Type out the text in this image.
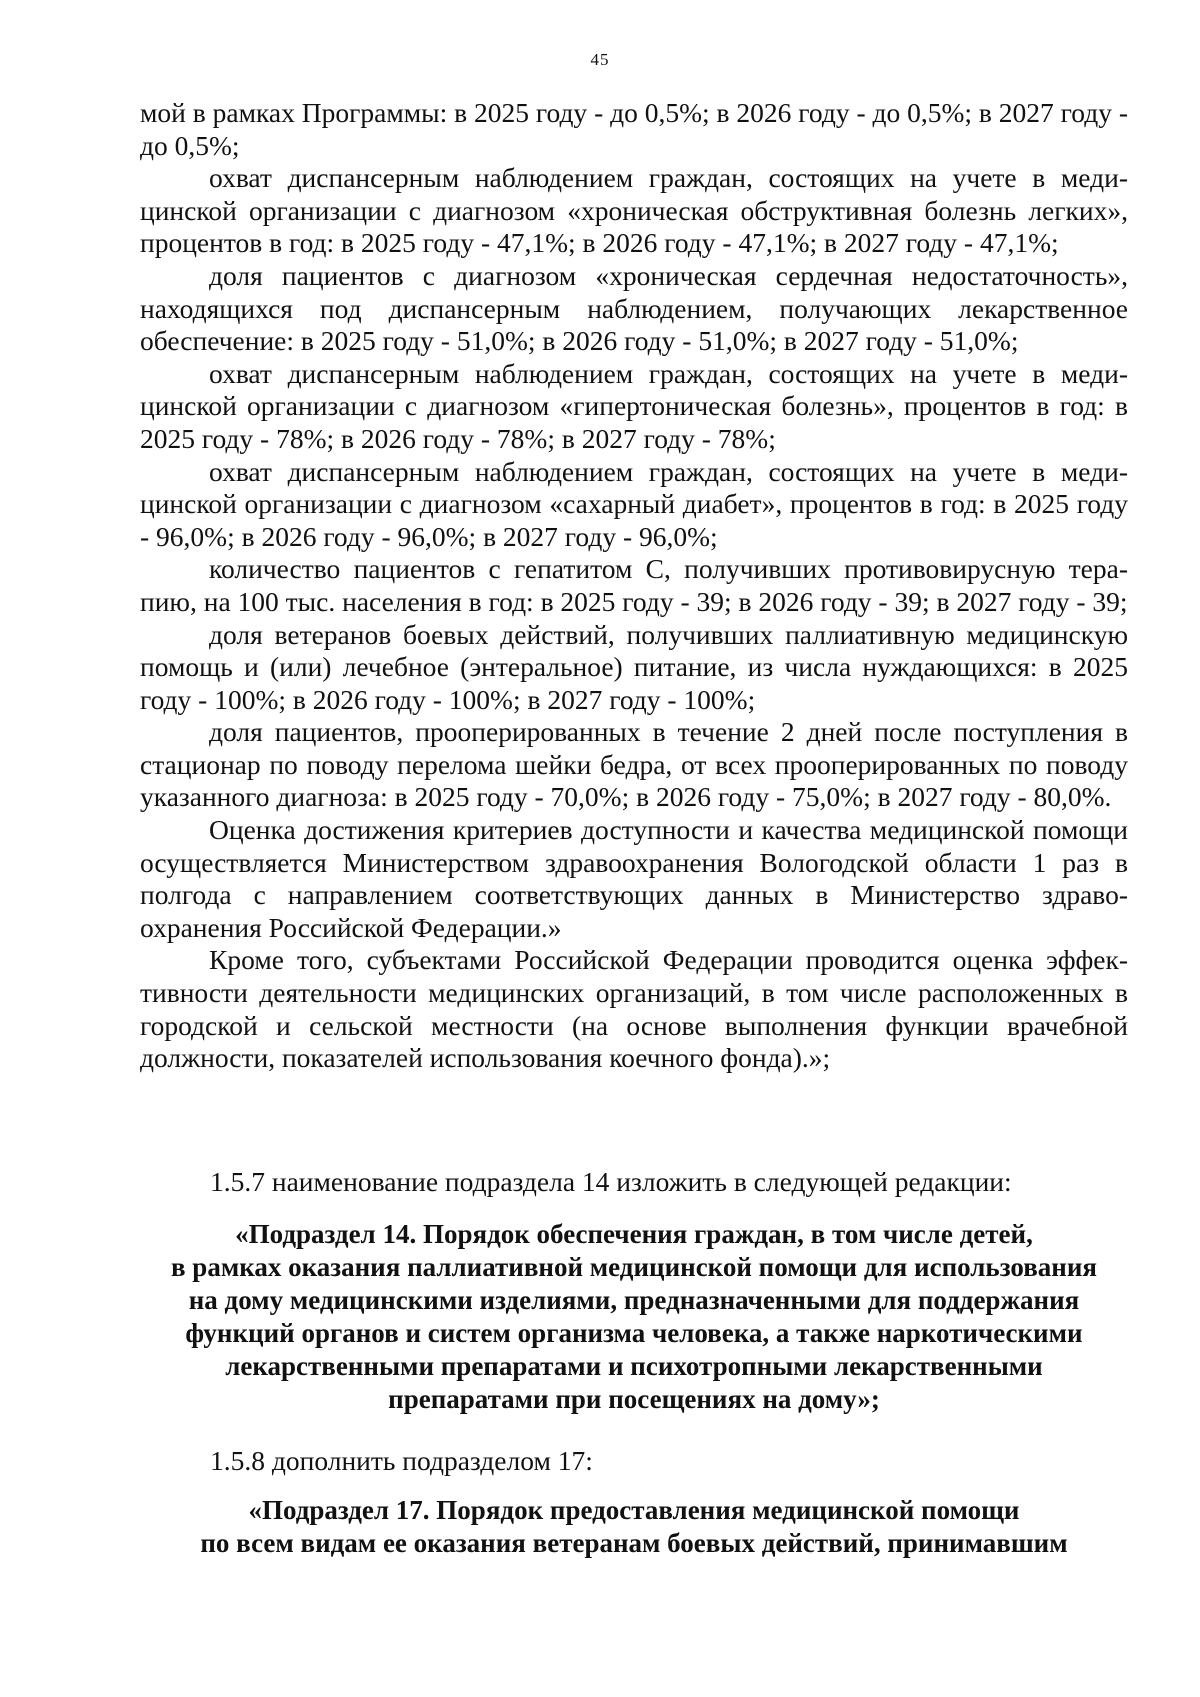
45

мой в рамках Программы: в 2025 году - до 0,5%; в 2026 году - до 0,5%; в 2027 году - до 0,5%;

охват диспансерным наблюдением граждан, состоящих на учете в медицинской организации с диагнозом «хроническая обструктивная болезнь легких», процентов в год: в 2025 году - 47,1%; в 2026 году - 47,1%; в 2027 году - 47,1%;

доля пациентов с диагнозом «хроническая сердечная недостаточность», находящихся под диспансерным наблюдением, получающих лекарственное обеспечение: в 2025 году - 51,0%; в 2026 году - 51,0%; в 2027 году - 51,0%;

охват диспансерным наблюдением граждан, состоящих на учете в медицинской организации с диагнозом «гипертоническая болезнь», процентов в год: в 2025 году - 78%; в 2026 году - 78%; в 2027 году - 78%;

охват диспансерным наблюдением граждан, состоящих на учете в медицинской организации с диагнозом «сахарный диабет», процентов в год: в 2025 году - 96,0%; в 2026 году - 96,0%; в 2027 году - 96,0%;

количество пациентов с гепатитом С, получивших противовирусную терапию, на 100 тыс. населения в год: в 2025 году - 39; в 2026 году - 39; в 2027 году - 39;

доля ветеранов боевых действий, получивших паллиативную медицинскую помощь и (или) лечебное (энтеральное) питание, из числа нуждающихся: в 2025 году - 100%; в 2026 году - 100%; в 2027 году - 100%;

доля пациентов, прооперированных в течение 2 дней после поступления в стационар по поводу перелома шейки бедра, от всех прооперированных по поводу указанного диагноза: в 2025 году - 70,0%; в 2026 году - 75,0%; в 2027 году - 80,0%.

Оценка достижения критериев доступности и качества медицинской помощи осуществляется Министерством здравоохранения Вологодской области 1 раз в полгода с направлением соответствующих данных в Министерство здравоохранения Российской Федерации.»

Кроме того, субъектами Российской Федерации проводится оценка эффективности деятельности медицинских организаций, в том числе расположенных в городской и сельской местности (на основе выполнения функции врачебной должности, показателей использования коечного фонда).»;

1.5.7 наименование подраздела 14 изложить в следующей редакции:
«Подраздел 14. Порядок обеспечения граждан, в том числе детей,
в рамках оказания паллиативной медицинской помощи для использования
на дому медицинскими изделиями, предназначенными для поддержания
функций органов и систем организма человека, а также наркотическими
лекарственными препаратами и психотропными лекарственными
препаратами при посещениях на дому»;
1.5.8 дополнить подразделом 17:
«Подраздел 17. Порядок предоставления медицинской помощи
по всем видам ее оказания ветеранам боевых действий, принимавшим
